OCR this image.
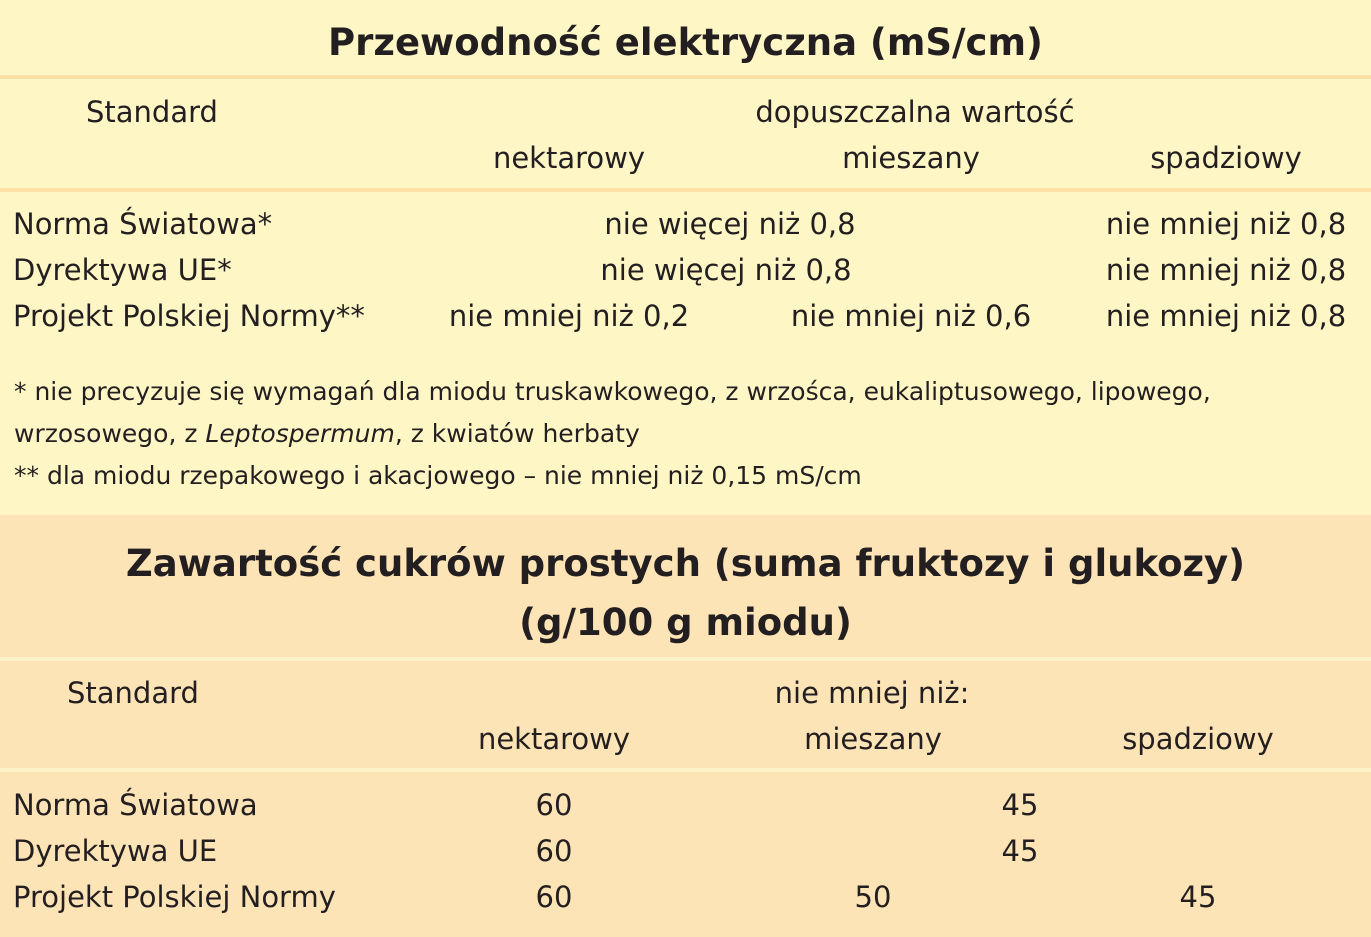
Przewodność elektryczna (mS/cm)
Standard	dopuszczalna wartość
nektarowy	mieszany	spadziowy
Norma Światowa*	nie więcej niż 0,8	nie mniej niż 0,8
Dyrektywa UE*	nie więcej niż 0,8	nie mniej niż 0,8
Projekt Polskiej Normy**	nie mniej niż 0,2	nie mniej niż 0,6	nie mniej niż 0,8
* nie precyzuje się wymagań dla miodu truskawkowego, z wrzośca, eukaliptusowego, lipowego,
wrzosowego, z Leptospermum, z kwiatów herbaty
** dla miodu rzepakowego i akacjowego – nie mniej niż 0,15 mS/cm
Zawartość cukrów prostych (suma fruktozy i glukozy)
(g/100 g miodu)
Standard	nie mniej niż:
nektarowy	mieszany	spadziowy
Norma Światowa	60	45
Dyrektywa UE	60	45
Projekt Polskiej Normy	60	50	45
